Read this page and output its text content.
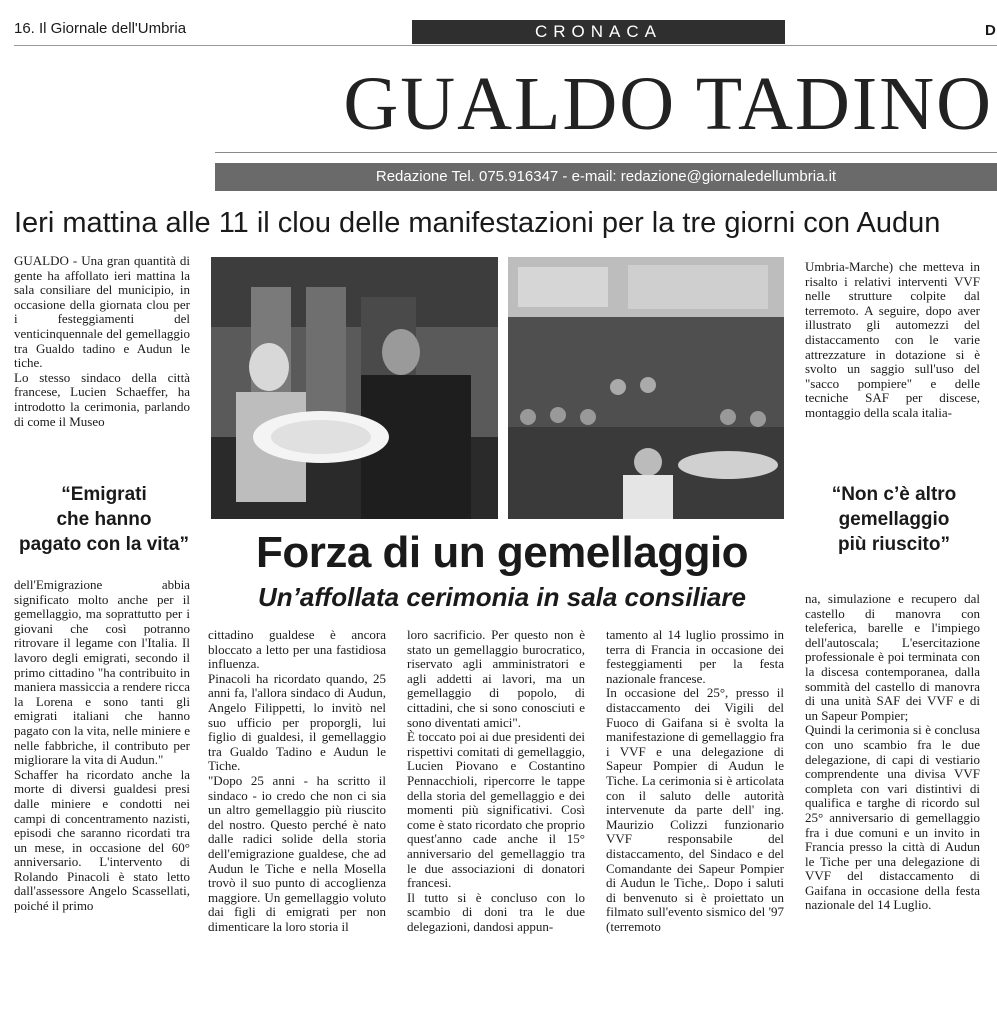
16. Il Giornale dell'Umbria	CRONACA	D
GUALDO TADINO
Redazione Tel. 075.916347 - e-mail: redazione@giornaledellumbria.it
Ieri mattina alle 11 il clou delle manifestazioni per la tre giorni con Audun

GUALDO - Una gran quantità di gente ha affollato ieri mattina la sala consiliare del municipio, in occasione della giornata clou per i festeggiamenti del venticinquennale del gemellaggio tra Gualdo tadino e Audun le tiche.

Lo stesso sindaco della città francese, Lucien Schaeffer, ha introdotto la cerimonia, parlando di come il Museo

“Emigrati
che hanno
pagato con la vita”

dell'Emigrazione abbia significato molto anche per il gemellaggio, ma soprattutto per i giovani che così potranno ritrovare il legame con l'Italia. Il lavoro degli emigrati, secondo il primo cittadino "ha contribuito in maniera massiccia a rendere ricca la Lorena e sono tanti gli emigrati italiani che hanno pagato con la vita, nelle miniere e nelle fabbriche, il contributo per migliorare la vita di Audun."

Schaffer ha ricordato anche la morte di diversi gualdesi presi dalle miniere e condotti nei campi di concentramento nazisti, episodi che saranno ricordati tra un mese, in occasione del 60° anniversario. L'intervento di Rolando Pinacoli è stato letto dall'assessore Angelo Scassellati, poiché il primo

Umbria-Marche) che metteva in risalto i relativi interventi VVF nelle strutture colpite dal terremoto. A seguire, dopo aver illustrato gli automezzi del distaccamento con le varie attrezzature in dotazione si è svolto un saggio sull'uso del "sacco pompiere" e delle tecniche SAF per discese, montaggio della scala italia-

“Non c’è altro
gemellaggio
più riuscito”
Forza di un gemellaggio
Un’affollata cerimonia in sala consiliare

cittadino gualdese è ancora bloccato a letto per una fastidiosa influenza.

Pinacoli ha ricordato quando, 25 anni fa, l'allora sindaco di Audun, Angelo Filippetti, lo invitò nel suo ufficio per proporgli, lui figlio di gualdesi, il gemellaggio tra Gualdo Tadino e Audun le Tiche.

"Dopo 25 anni - ha scritto il sindaco - io credo che non ci sia un altro gemellaggio più riuscito del nostro. Questo perché è nato dalle radici solide della storia dell'emigrazione gualdese, che ad Audun le Tiche e nella Mosella trovò il suo punto di accoglienza maggiore. Un gemellaggio voluto dai figli di emigrati per non dimenticare la loro storia il

loro sacrificio. Per questo non è stato un gemellaggio burocratico, riservato agli amministratori e agli addetti ai lavori, ma un gemellaggio di popolo, di cittadini, che si sono conosciuti e sono diventati amici".

È toccato poi ai due presidenti dei rispettivi comitati di gemellaggio, Lucien Piovano e Costantino Pennacchioli, ripercorre le tappe della storia del gemellaggio e dei momenti più significativi. Così come è stato ricordato che proprio quest'anno cade anche il 15° anniversario del gemellaggio tra le due associazioni di donatori francesi.

Il tutto si è concluso con lo scambio di doni tra le due delegazioni, dandosi appun-

tamento al 14 luglio prossimo in terra di Francia in occasione dei festeggiamenti per la festa nazionale francese.

In occasione del 25°, presso il distaccamento dei Vigili del Fuoco di Gaifana si è svolta la manifestazione di gemellaggio fra i VVF e una delegazione di Sapeur Pompier di Audun le Tiche. La cerimonia si è articolata con il saluto delle autorità intervenute da parte dell' ing. Maurizio Colizzi funzionario VVF responsabile del distaccamento, del Sindaco e del Comandante dei Sapeur Pompier di Audun le Tiche,. Dopo i saluti di benvenuto si è proiettato un filmato sull'evento sismico del '97 (terremoto

na, simulazione e recupero dal castello di manovra con teleferica, barelle e l'impiego dell'autoscala; L'esercitazione professionale è poi terminata con la discesa contemporanea, dalla sommità del castello di manovra di una unità SAF dei VVF e di un Sapeur Pompier;

Quindi la cerimonia si è conclusa con uno scambio fra le due delegazione, di capi di vestiario comprendente una divisa VVF completa con vari distintivi di qualifica e targhe di ricordo sul 25° anniversario di gemellaggio fra i due comuni e un invito in Francia presso la città di Audun le Tiche per una delegazione di VVF del distaccamento di Gaifana in occasione della festa nazionale del 14 Luglio.
